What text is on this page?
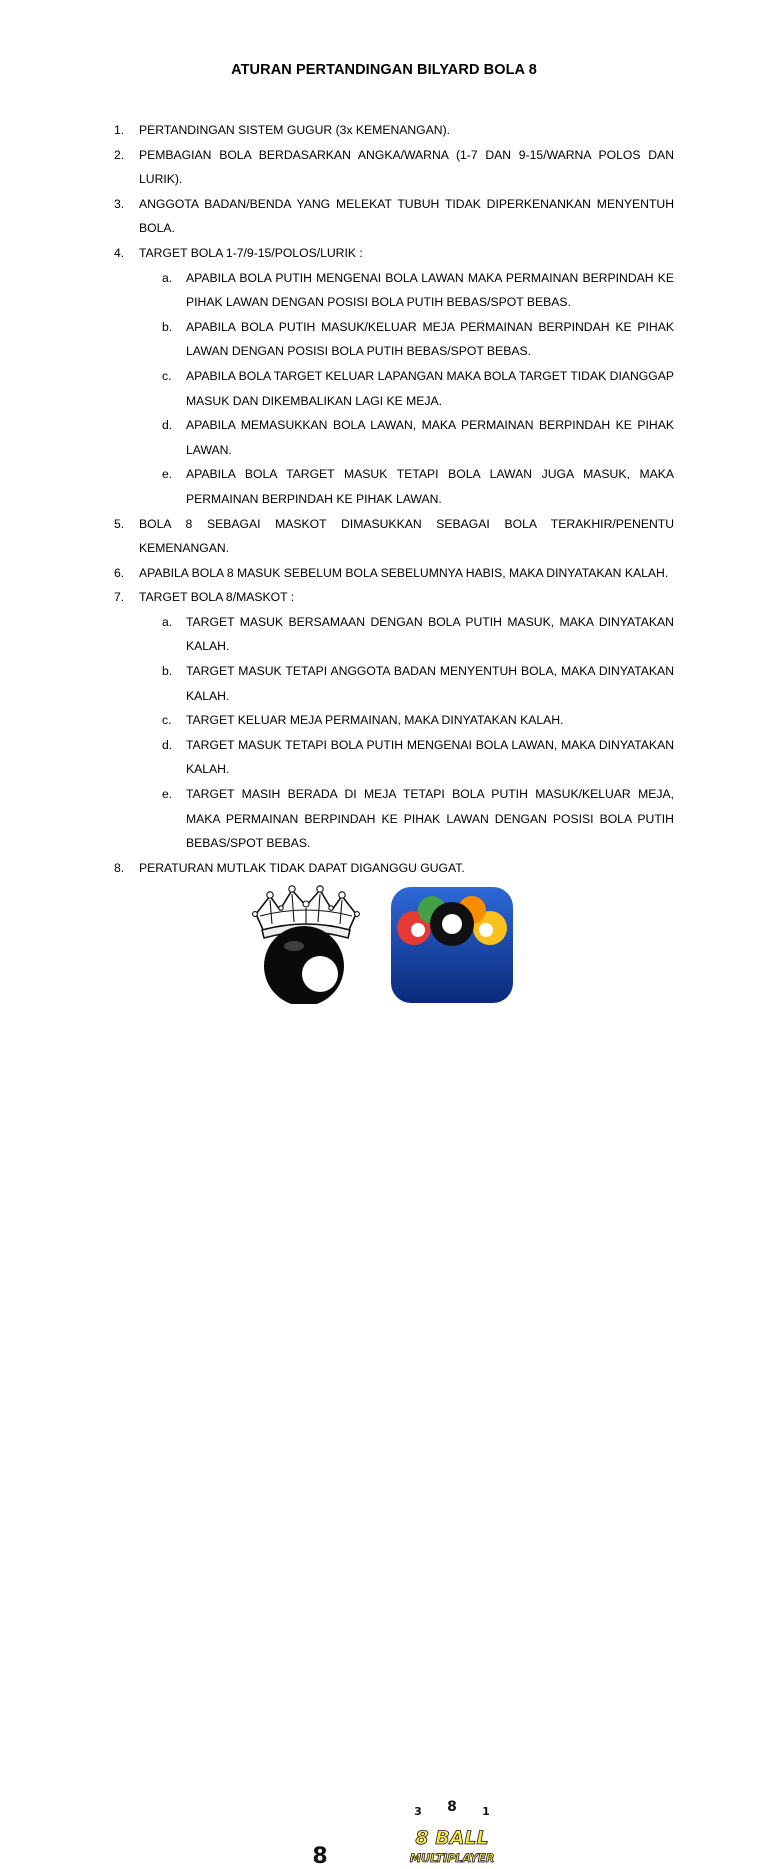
ATURAN PERTANDINGAN BILYARD BOLA 8
1. PERTANDINGAN SISTEM GUGUR (3x KEMENANGAN).
2. PEMBAGIAN BOLA BERDASARKAN ANGKA/WARNA (1-7 DAN 9-15/WARNA POLOS DAN LURIK).
3. ANGGOTA BADAN/BENDA YANG MELEKAT TUBUH TIDAK DIPERKENANKAN MENYENTUH BOLA.
4. TARGET BOLA 1-7/9-15/POLOS/LURIK :
a. APABILA BOLA PUTIH MENGENAI BOLA LAWAN MAKA PERMAINAN BERPINDAH KE PIHAK LAWAN DENGAN POSISI BOLA PUTIH BEBAS/SPOT BEBAS.
b. APABILA BOLA PUTIH MASUK/KELUAR MEJA PERMAINAN BERPINDAH KE PIHAK LAWAN DENGAN POSISI BOLA PUTIH BEBAS/SPOT BEBAS.
c. APABILA BOLA TARGET KELUAR LAPANGAN MAKA BOLA TARGET TIDAK DIANGGAP MASUK DAN DIKEMBALIKAN LAGI KE MEJA.
d. APABILA MEMASUKKAN BOLA LAWAN, MAKA PERMAINAN BERPINDAH KE PIHAK LAWAN.
e. APABILA BOLA TARGET MASUK TETAPI BOLA LAWAN JUGA MASUK, MAKA PERMAINAN BERPINDAH KE PIHAK LAWAN.
5. BOLA 8 SEBAGAI MASKOT DIMASUKKAN SEBAGAI BOLA TERAKHIR/PENENTU KEMENANGAN.
6. APABILA BOLA 8 MASUK SEBELUM BOLA SEBELUMNYA HABIS, MAKA DINYATAKAN KALAH.
7. TARGET BOLA 8/MASKOT :
a. TARGET MASUK BERSAMAAN DENGAN BOLA PUTIH MASUK, MAKA DINYATAKAN KALAH.
b. TARGET MASUK TETAPI ANGGOTA BADAN MENYENTUH BOLA, MAKA DINYATAKAN KALAH.
c. TARGET KELUAR MEJA PERMAINAN, MAKA DINYATAKAN KALAH.
d. TARGET MASUK TETAPI BOLA PUTIH MENGENAI BOLA LAWAN, MAKA DINYATAKAN KALAH.
e. TARGET MASIH BERADA DI MEJA TETAPI BOLA PUTIH MASUK/KELUAR MEJA, MAKA PERMAINAN BERPINDAH KE PIHAK LAWAN DENGAN POSISI BOLA PUTIH BEBAS/SPOT BEBAS.
8. PERATURAN MUTLAK TIDAK DAPAT DIGANGGU GUGAT.
8
3 8	1
8 BALL
MULTIPLAYER
